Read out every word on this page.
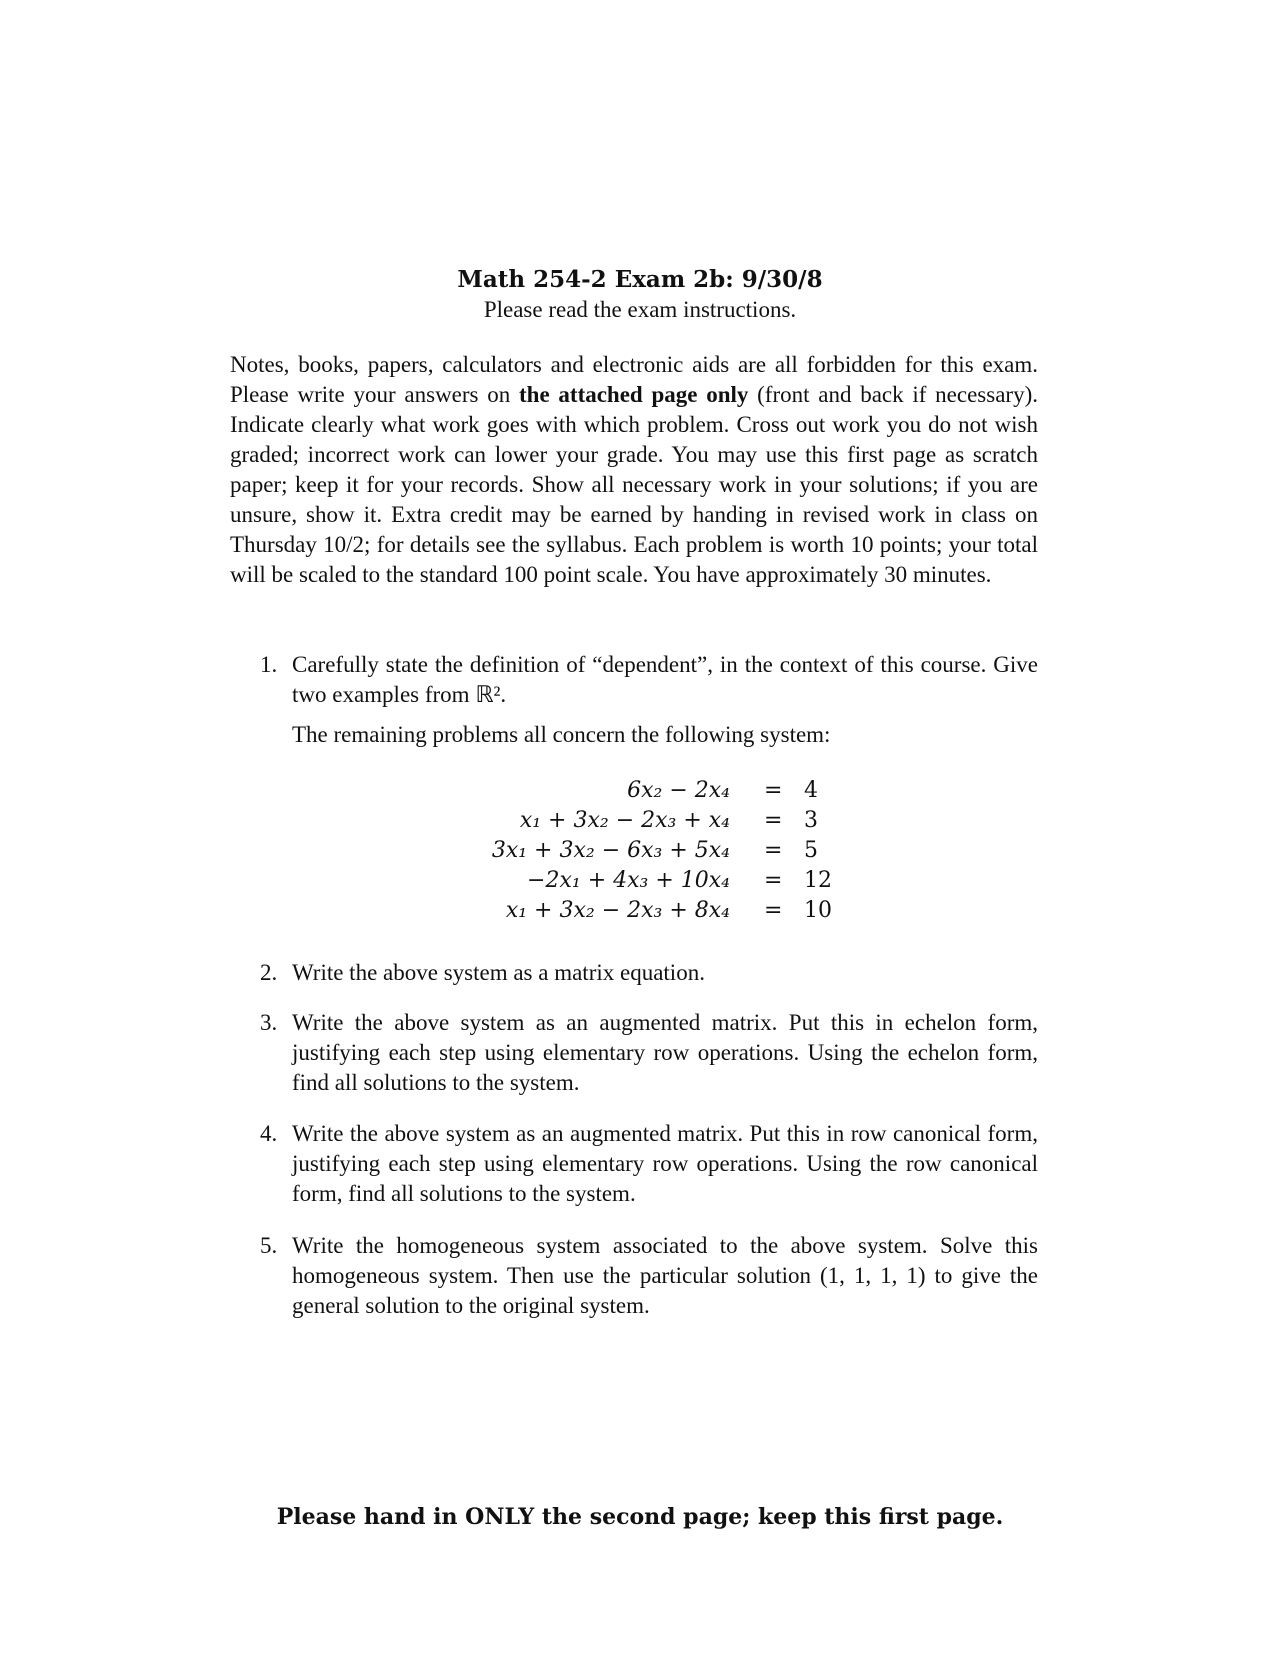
Math 254-2 Exam 2b: 9/30/8
Please read the exam instructions.
Notes, books, papers, calculators and electronic aids are all forbidden for this exam. Please write your answers on the attached page only (front and back if necessary). Indicate clearly what work goes with which problem. Cross out work you do not wish graded; incorrect work can lower your grade. You may use this first page as scratch paper; keep it for your records. Show all necessary work in your solutions; if you are unsure, show it. Extra credit may be earned by handing in revised work in class on Thursday 10/2; for details see the syllabus. Each problem is worth 10 points; your total will be scaled to the standard 100 point scale. You have approximately 30 minutes.
1. Carefully state the definition of “dependent”, in the context of this course. Give two examples from ℝ².
The remaining problems all concern the following system:
6x₂ − 2x₄ = 4
x₁ + 3x₂ − 2x₃ + x₄ = 3
3x₁ + 3x₂ − 6x₃ + 5x₄ = 5
−2x₁ + 4x₃ + 10x₄ = 12
x₁ + 3x₂ − 2x₃ + 8x₄ = 10
2. Write the above system as a matrix equation.
3. Write the above system as an augmented matrix. Put this in echelon form, justifying each step using elementary row operations. Using the echelon form, find all solutions to the system.
4. Write the above system as an augmented matrix. Put this in row canonical form, justifying each step using elementary row operations. Using the row canonical form, find all solutions to the system.
5. Write the homogeneous system associated to the above system. Solve this homogeneous system. Then use the particular solution (1, 1, 1, 1) to give the general solution to the original system.
Please hand in ONLY the second page; keep this first page.
